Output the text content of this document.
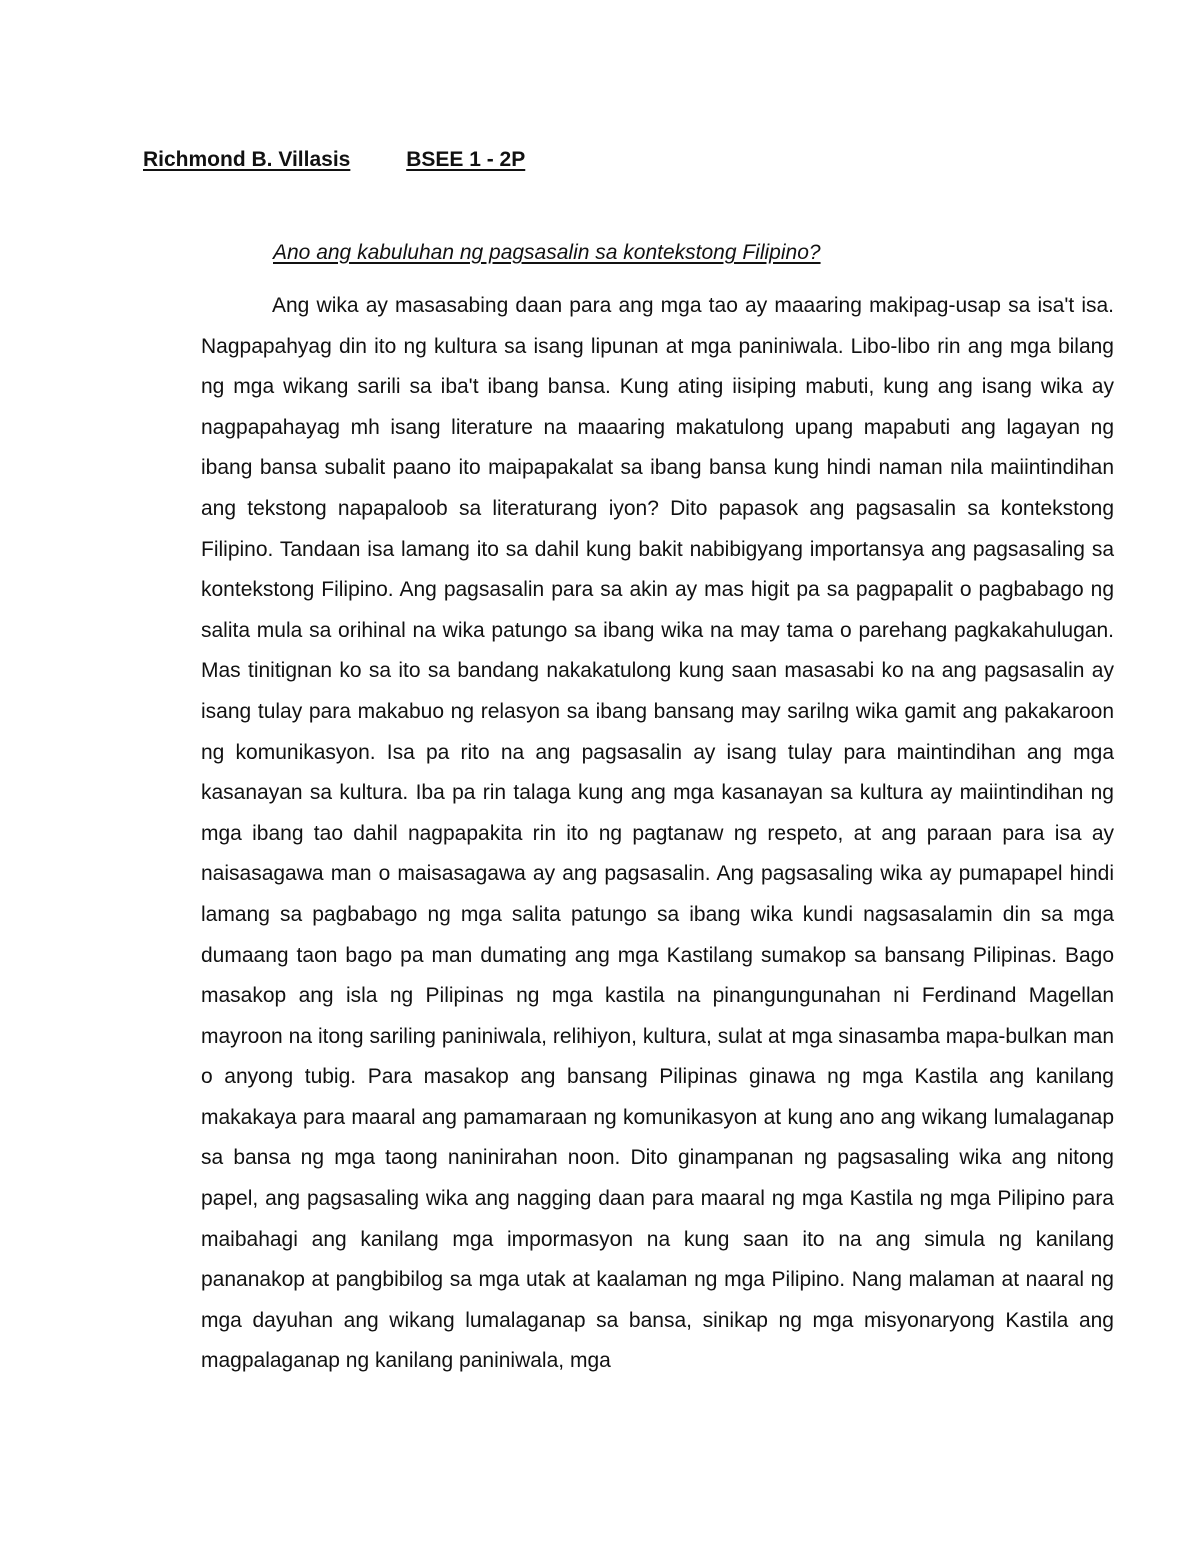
Richmond B. Villasis	BSEE 1 - 2P
Ano ang kabuluhan ng pagsasalin sa kontekstong Filipino?

Ang wika ay masasabing daan para ang mga tao ay maaaring makipag-usap sa isa't isa. Nagpapahyag din ito ng kultura sa isang lipunan at mga paniniwala. Libo-libo rin ang mga bilang ng mga wikang sarili sa iba't ibang bansa. Kung ating iisiping mabuti, kung ang isang wika ay nagpapahayag mh isang literature na maaaring makatulong upang mapabuti ang lagayan ng ibang bansa subalit paano ito maipapakalat sa ibang bansa kung hindi naman nila maiintindihan ang tekstong napapaloob sa literaturang iyon? Dito papasok ang pagsasalin sa kontekstong Filipino. Tandaan isa lamang ito sa dahil kung bakit nabibigyang importansya ang pagsasaling sa kontekstong Filipino. Ang pagsasalin para sa akin ay mas higit pa sa pagpapalit o pagbabago ng salita mula sa orihinal na wika patungo sa ibang wika na may tama o parehang pagkakahulugan. Mas tinitignan ko sa ito sa bandang nakakatulong kung saan masasabi ko na ang pagsasalin ay isang tulay para makabuo ng relasyon sa ibang bansang may sarilng wika gamit ang pakakaroon ng komunikasyon. Isa pa rito na ang pagsasalin ay isang tulay para maintindihan ang mga kasanayan sa kultura. Iba pa rin talaga kung ang mga kasanayan sa kultura ay maiintindihan ng mga ibang tao dahil nagpapakita rin ito ng pagtanaw ng respeto, at ang paraan para isa ay naisasagawa man o maisasagawa ay ang pagsasalin. Ang pagsasaling wika ay pumapapel hindi lamang sa pagbabago ng mga salita patungo sa ibang wika kundi nagsasalamin din sa mga dumaang taon bago pa man dumating ang mga Kastilang sumakop sa bansang Pilipinas. Bago masakop ang isla ng Pilipinas ng mga kastila na pinangungunahan ni Ferdinand Magellan mayroon na itong sariling paniniwala, relihiyon, kultura, sulat at mga sinasamba mapa-bulkan man o anyong tubig. Para masakop ang bansang Pilipinas ginawa ng mga Kastila ang kanilang makakaya para maaral ang pamamaraan ng komunikasyon at kung ano ang wikang lumalaganap sa bansa ng mga taong naninirahan noon. Dito ginampanan ng pagsasaling wika ang nitong papel, ang pagsasaling wika ang nagging daan para maaral ng mga Kastila ng mga Pilipino para maibahagi ang kanilang mga impormasyon na kung saan ito na ang simula ng kanilang pananakop at pangbibilog sa mga utak at kaalaman ng mga Pilipino. Nang malaman at naaral ng mga dayuhan ang wikang lumalaganap sa bansa, sinikap ng mga misyonaryong Kastila ang magpalaganap ng kanilang paniniwala, mga
